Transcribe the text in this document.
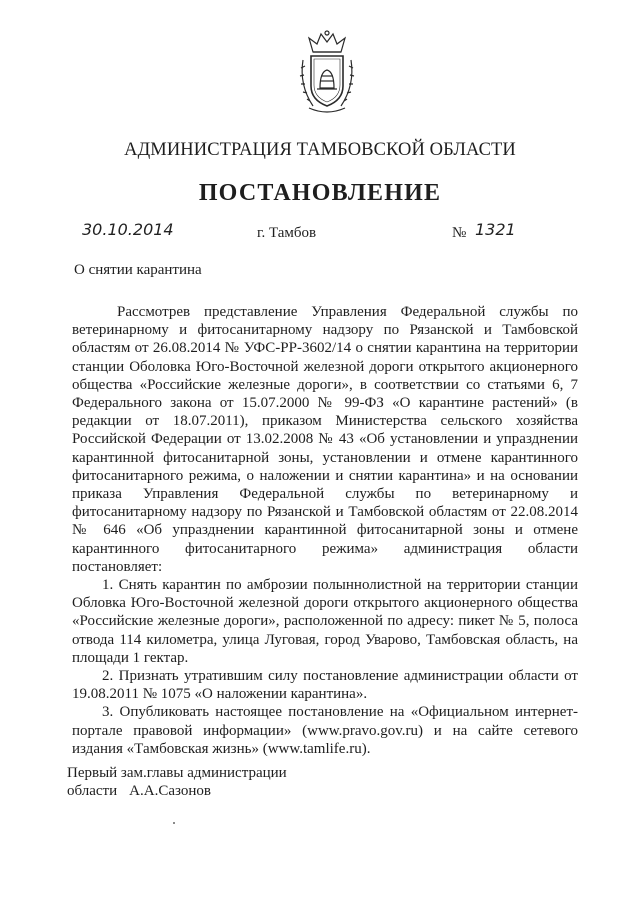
АДМИНИСТРАЦИЯ ТАМБОВСКОЙ ОБЛАСТИ
ПОСТАНОВЛЕНИЕ
30.10.2014	г. Тамбов	№ 1321
О снятии карантина

Рассмотрев представление Управления Федеральной службы по ветеринарному и фитосанитарному надзору по Рязанской и Тамбовской областям от 26.08.2014 № УФС-РР-3602/14 о снятии карантина на территории станции Оболовка Юго-Восточной железной дороги открытого акционерного общества «Российские железные дороги», в соответствии со статьями 6, 7 Федерального закона от 15.07.2000 № 99-ФЗ «О карантине растений» (в редакции от 18.07.2011), приказом Министерства сельского хозяйства Российской Федерации от 13.02.2008 № 43 «Об установлении и упразднении карантинной фитосанитарной зоны, установлении и отмене карантинного фитосанитарного режима, о наложении и снятии карантина» и на основании приказа Управления Федеральной службы по ветеринарному и фитосанитарному надзору по Рязанской и Тамбовской областям от 22.08.2014 № 646 «Об упразднении карантинной фитосанитарной зоны и отмене карантинного фитосанитарного режима» администрация области постановляет:

1. Снять карантин по амброзии полыннолистной на территории станции Обловка Юго-Восточной железной дороги открытого акционерного общества «Российские железные дороги», расположенной по адресу: пикет № 5, полоса отвода 114 километра, улица Луговая, город Уварово, Тамбовская область, на площади 1 гектар.

2. Признать утратившим силу постановление администрации области от 19.08.2011 № 1075 «О наложении карантина».

3. Опубликовать настоящее постановление на «Официальном интернет-портале правовой информации» (www.pravo.gov.ru) и на сайте сетевого издания «Тамбовская жизнь» (www.tamlife.ru).

Первый зам.главы администрации
области А.А.Сазонов
